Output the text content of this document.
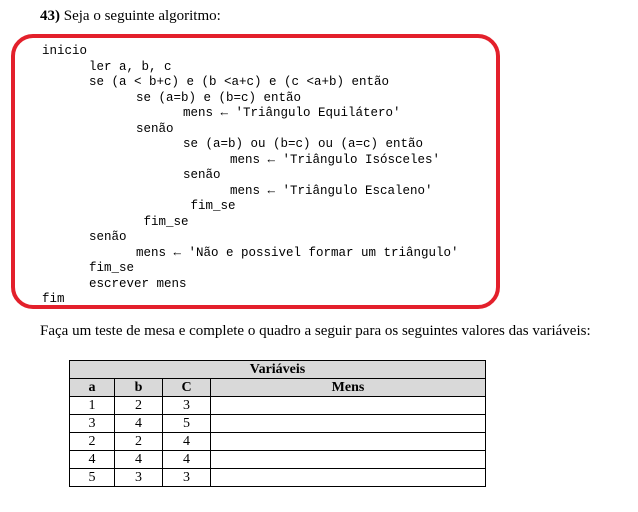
43) Seja o seguinte algoritmo:
inicio
ler a, b, c
se (a < b+c) e (b <a+c) e (c <a+b) então
se (a=b) e (b=c) então
mens ← 'Triângulo Equilátero'
senão
se (a=b) ou (b=c) ou (a=c) então
mens ← 'Triângulo Isósceles'
senão
mens ← 'Triângulo Escaleno'
fim_se
fim_se
senão
mens ← 'Não e possivel formar um triângulo'
fim_se
escrever mens
fim
Faça um teste de mesa e complete o quadro a seguir para os seguintes valores das variáveis:
Variáveis			
a	b	C	Mens
1	2	3	
3	4	5	
2	2	4	
4	4	4	
5	3	3	
